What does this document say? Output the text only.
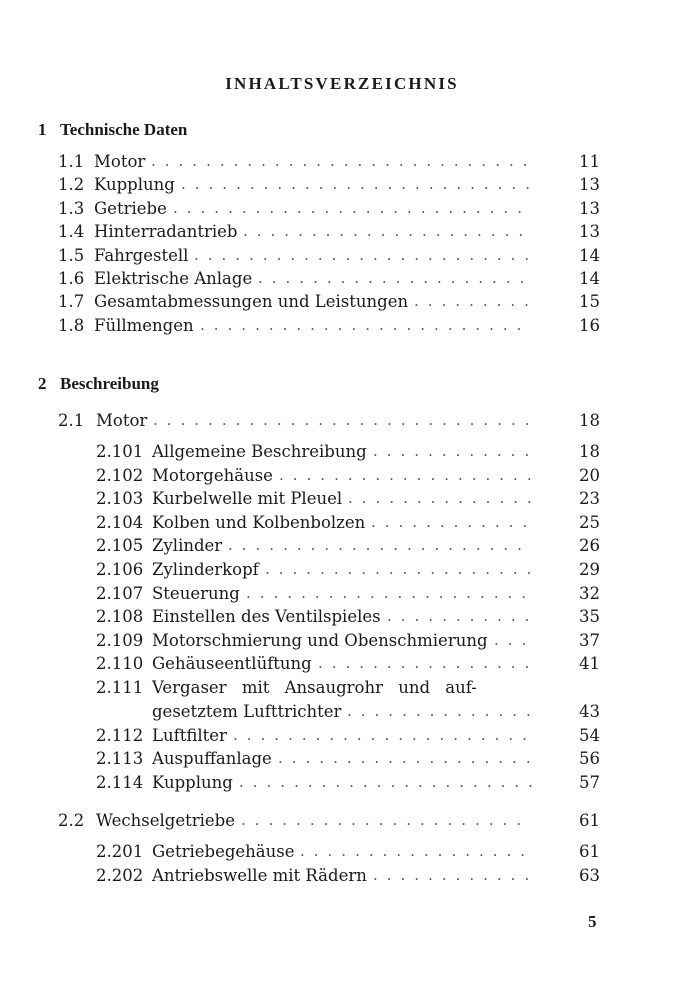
INHALTSVERZEICHNIS
1 Technische Daten
1.1 Motor	11
............................
1.2 Kupplung	13
..........................
1.3 Getriebe	13
..........................
1.4 Hinterradantrieb	13
.....................
1.5 Fahrgestell	14
.........................
1.6 Elektrische Anlage	14
....................
1.7 Gesamtabmessungen und Leistungen	15
.........
1.8 Füllmengen	16
........................
2 Beschreibung
2.1 Motor	18
............................
2.101 Allgemeine Beschreibung	18
............
2.102 Motorgehäuse	20
...................
2.103 Kurbelwelle mit Pleuel	23
..............
2.104 Kolben und Kolbenbolzen	25
............
2.105 Zylinder	26
......................
2.106 Zylinderkopf	29
....................
2.107 Steuerung	32
.....................
2.108 Einstellen des Ventilspieles	35
...........
2.109 Motorschmierung und Obenschmierung	37
...
2.110 Gehäuseentlüftung	41
................
2.111 Vergaser mit Ansaugrohr und auf-
gesetztem Lufttrichter	43
..............
2.112 Luftfilter	54
......................
2.113 Auspuffanlage	56
...................
2.114 Kupplung	57
......................
2.2 Wechselgetriebe	61
.....................
2.201 Getriebegehäuse	61
.................
2.202 Antriebswelle mit Rädern	63
............
5
